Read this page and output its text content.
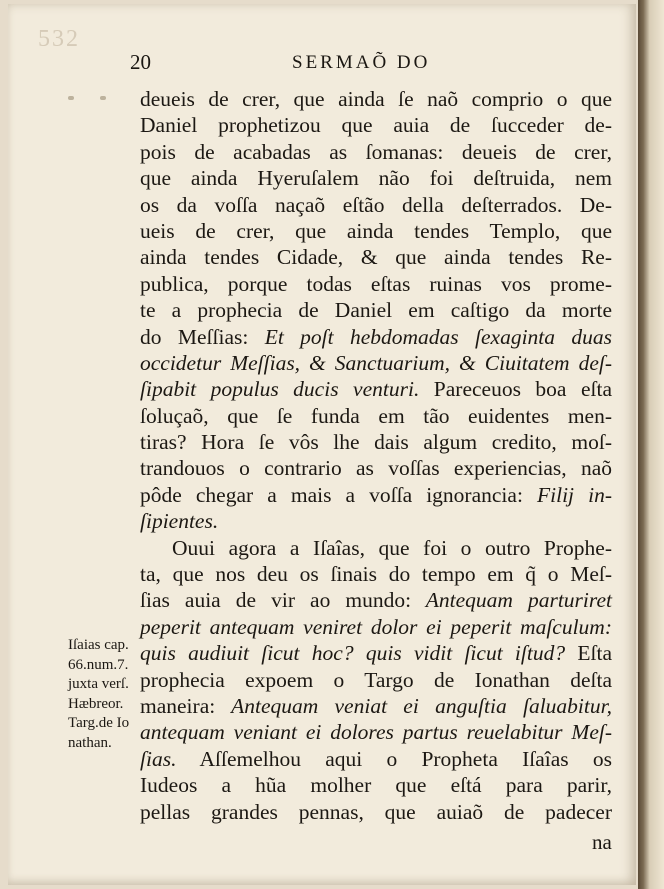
532
20	SERMAÕ DO
deueis de crer, que ainda ſe naõ comprio o que
Daniel prophetizou que auia de ſucceder de-
pois de acabadas as ſomanas: deueis de crer,
que ainda Hyeruſalem não foi deſtruida, nem
os da voſſa naçaõ eſtão della deſterrados. De-
ueis de crer, que ainda tendes Templo, que
ainda tendes Cidade, & que ainda tendes Re-
publica, porque todas eſtas ruinas vos prome-
te a prophecia de Daniel em caſtigo da morte
do Meſſias: Et poſt hebdomadas ſexaginta duas
occidetur Meſſias, & Sanctuarium, & Ciuitatem deſ-
ſipabit populus ducis venturi. Pareceuos boa eſta
ſoluçaõ, que ſe funda em tão euidentes men-
tiras? Hora ſe vôs lhe dais algum credito, moſ-
trandouos o contrario as voſſas experiencias, naõ
pôde chegar a mais a voſſa ignorancia: Filij in-
ſipientes.
Ouui agora a Iſaîas, que foi o outro Prophe-
ta, que nos deu os ſinais do tempo em q̃ o Meſ-
ſias auia de vir ao mundo: Antequam parturiret
peperit antequam veniret dolor ei peperit maſculum:
quis audiuit ſicut hoc? quis vidit ſicut iſtud? Eſta
prophecia expoem o Targo de Ionathan deſta
maneira: Antequam veniat ei anguſtia ſaluabitur,
antequam veniant ei dolores partus reuelabitur Meſ-
ſias. Aſſemelhou aqui o Propheta Iſaîas os
Iudeos a hũa molher que eſtá para parir,
pellas grandes pennas, que auiaõ de padecer
Iſaias cap.
66.num.7.
juxta verſ.
Hæbreor.
Targ.de Io
nathan.
na
